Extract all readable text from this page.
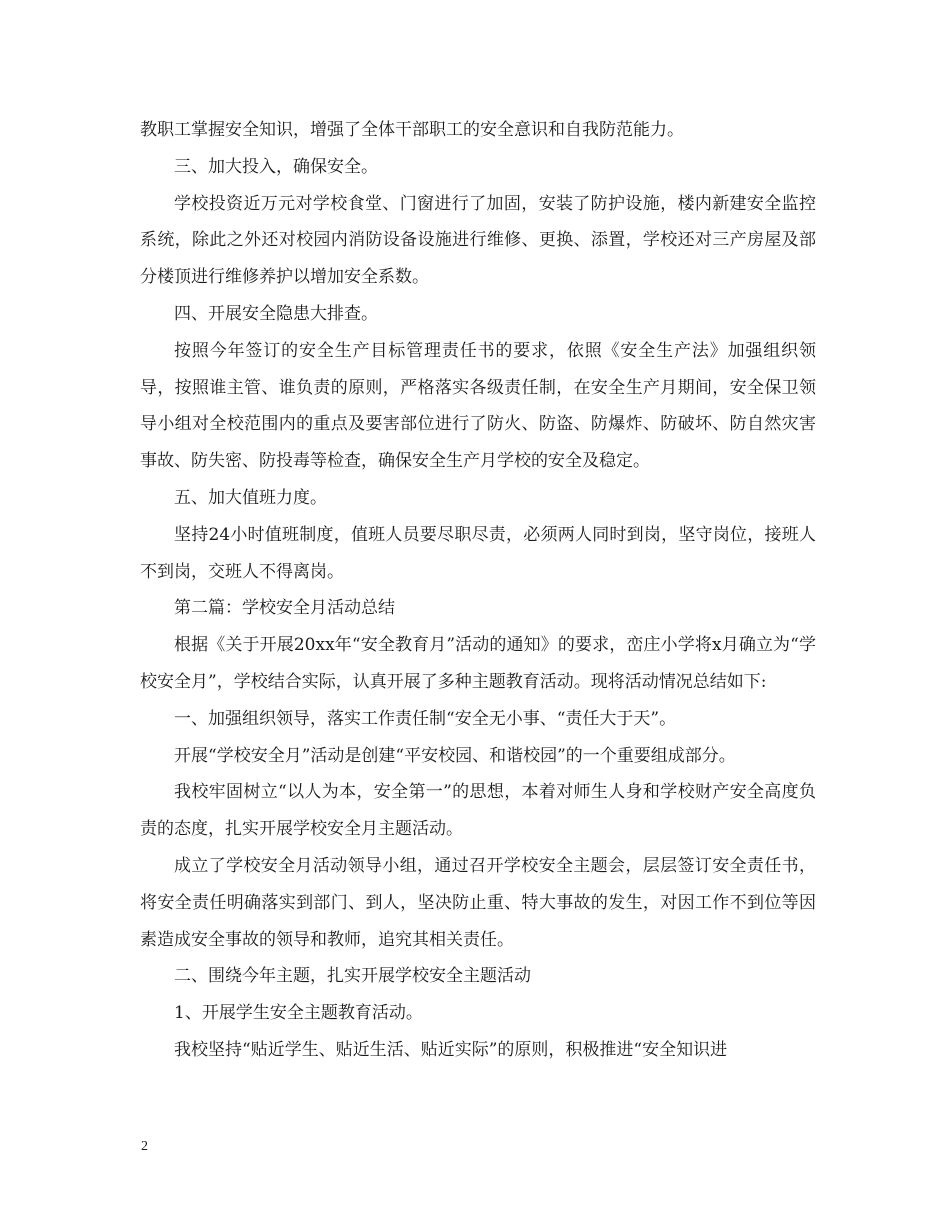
教职工掌握安全知识，增强了全体干部职工的安全意识和自我防范能力。

三、加大投入，确保安全。

学校投资近万元对学校食堂、门窗进行了加固，安装了防护设施，楼内新建安全监控系统，除此之外还对校园内消防设备设施进行维修、更换、添置，学校还对三产房屋及部分楼顶进行维修养护以增加安全系数。

四、开展安全隐患大排查。

按照今年签订的安全生产目标管理责任书的要求，依照《安全生产法》加强组织领导，按照谁主管、谁负责的原则，严格落实各级责任制，在安全生产月期间，安全保卫领导小组对全校范围内的重点及要害部位进行了防火、防盗、防爆炸、防破坏、防自然灾害事故、防失密、防投毒等检查，确保安全生产月学校的安全及稳定。

五、加大值班力度。

坚持24小时值班制度，值班人员要尽职尽责，必须两人同时到岗，坚守岗位，接班人不到岗，交班人不得离岗。

第二篇：学校安全月活动总结

根据《关于开展20xx年“安全教育月”活动的通知》的要求，峦庄小学将x月确立为“学校安全月”，学校结合实际，认真开展了多种主题教育活动。现将活动情况总结如下:

一、加强组织领导，落实工作责任制“安全无小事、“责任大于天”。

开展“学校安全月”活动是创建“平安校园、和谐校园”的一个重要组成部分。

我校牢固树立“以人为本，安全第一”的思想，本着对师生人身和学校财产安全高度负责的态度，扎实开展学校安全月主题活动。

成立了学校安全月活动领导小组，通过召开学校安全主题会，层层签订安全责任书，将安全责任明确落实到部门、到人，坚决防止重、特大事故的发生，对因工作不到位等因素造成安全事故的领导和教师，追究其相关责任。

二、围绕今年主题，扎实开展学校安全主题活动

1、开展学生安全主题教育活动。

我校坚持“贴近学生、贴近生活、贴近实际”的原则，积极推进“安全知识进

2
